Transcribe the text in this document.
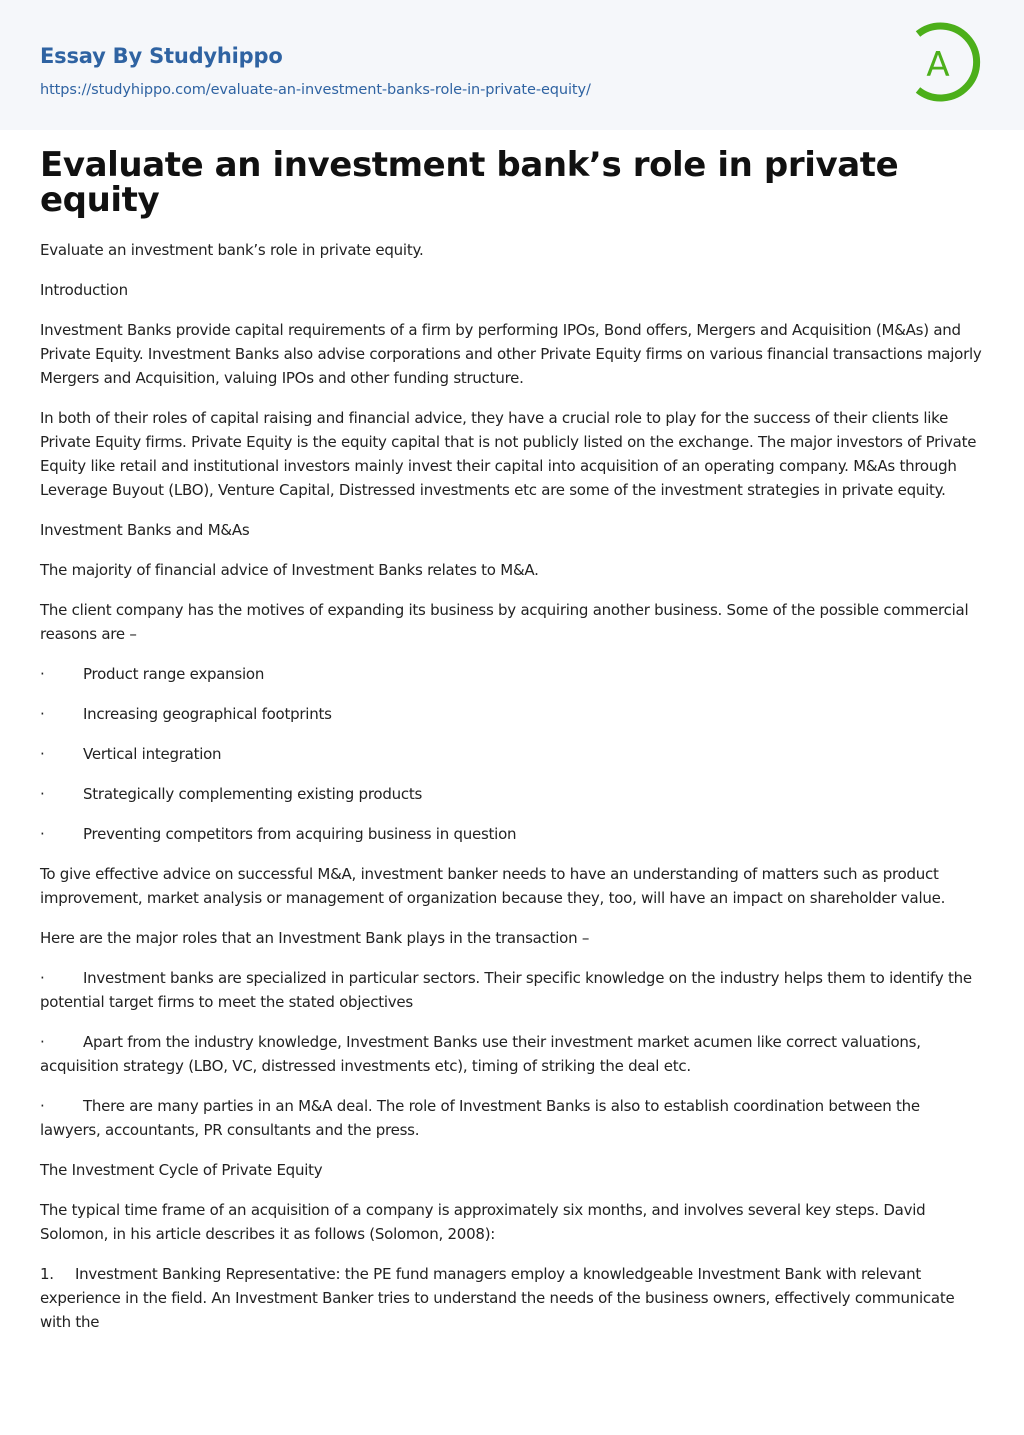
Essay By Studyhippo
https://studyhippo.com/evaluate-an-investment-banks-role-in-private-equity/
A
Evaluate an investment bank’s role in private equity

Evaluate an investment bank’s role in private equity.

Introduction

Investment Banks provide capital requirements of a firm by performing IPOs, Bond offers, Mergers and Acquisition (M&As) and Private Equity. Investment Banks also advise corporations and other Private Equity firms on various financial transactions majorly Mergers and Acquisition, valuing IPOs and other funding structure.

In both of their roles of capital raising and financial advice, they have a crucial role to play for the success of their clients like Private Equity firms. Private Equity is the equity capital that is not publicly listed on the exchange. The major investors of Private Equity like retail and institutional investors mainly invest their capital into acquisition of an operating company. M&As through Leverage Buyout (LBO), Venture Capital, Distressed investments etc are some of the investment strategies in private equity.

Investment Banks and M&As

The majority of financial advice of Investment Banks relates to M&A.

The client company has the motives of expanding its business by acquiring another business. Some of the possible commercial reasons are –

·	Product range expansion

·	Increasing geographical footprints

·	Vertical integration

·	Strategically complementing existing products

·	Preventing competitors from acquiring business in question

To give effective advice on successful M&A, investment banker needs to have an understanding of matters such as product improvement, market analysis or management of organization because they, too, will have an impact on shareholder value.

Here are the major roles that an Investment Bank plays in the transaction –

·	Investment banks are specialized in particular sectors. Their specific knowledge on the industry helps them to identify the potential target firms to meet the stated objectives

·	Apart from the industry knowledge, Investment Banks use their investment market acumen like correct valuations, acquisition strategy (LBO, VC, distressed investments etc), timing of striking the deal etc.

·	There are many parties in an M&A deal. The role of Investment Banks is also to establish coordination between the lawyers, accountants, PR consultants and the press.

The Investment Cycle of Private Equity

The typical time frame of an acquisition of a company is approximately six months, and involves several key steps. David Solomon, in his article describes it as follows (Solomon, 2008):

1. Investment Banking Representative: the PE fund managers employ a knowledgeable Investment Bank with relevant experience in the field. An Investment Banker tries to understand the needs of the business owners, effectively communicate with the
